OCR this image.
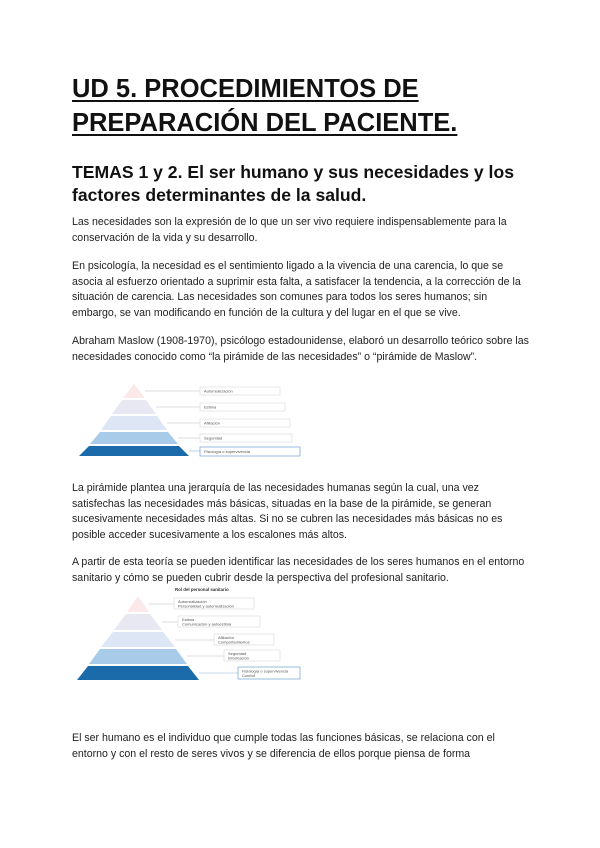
UD 5. PROCEDIMIENTOS DE PREPARACIÓN DEL PACIENTE.
TEMAS 1 y 2. El ser humano y sus necesidades y los factores determinantes de la salud.

Las necesidades son la expresión de lo que un ser vivo requiere indispensablemente para la conservación de la vida y su desarrollo.

En psicología, la necesidad es el sentimiento ligado a la vivencia de una carencia, lo que se asocia al esfuerzo orientado a suprimir esta falta, a satisfacer la tendencia, a la corrección de la situación de carencia. Las necesidades son comunes para todos los seres humanos; sin embargo, se van modificando en función de la cultura y del lugar en el que se vive.

Abraham Maslow (1908-1970), psicólogo estadounidense, elaboró un desarrollo teórico sobre las necesidades conocido como “la pirámide de las necesidades” o “pirámide de Maslow”.

Autorrealización
Estima
Afiliación
Seguridad
Fisiología o supervivencia

La pirámide plantea una jerarquía de las necesidades humanas según la cual, una vez satisfechas las necesidades más básicas, situadas en la base de la pirámide, se generan sucesivamente necesidades más altas. Si no se cubren las necesidades más básicas no es posible acceder sucesivamente a los escalones más altos.

A partir de esta teoría se pueden identificar las necesidades de los seres humanos en el entorno sanitario y cómo se pueden cubrir desde la perspectiva del profesional sanitario.

Rol del personal sanitario
Autorrealización
Personalidad y autorrealización
Estima
Comunicación y autoestima
Afiliación
Comportamientos
Seguridad
Información
Fisiología o supervivencia
Confort

El ser humano es el individuo que cumple todas las funciones básicas, se relaciona con el entorno y con el resto de seres vivos y se diferencia de ellos porque piensa de forma
